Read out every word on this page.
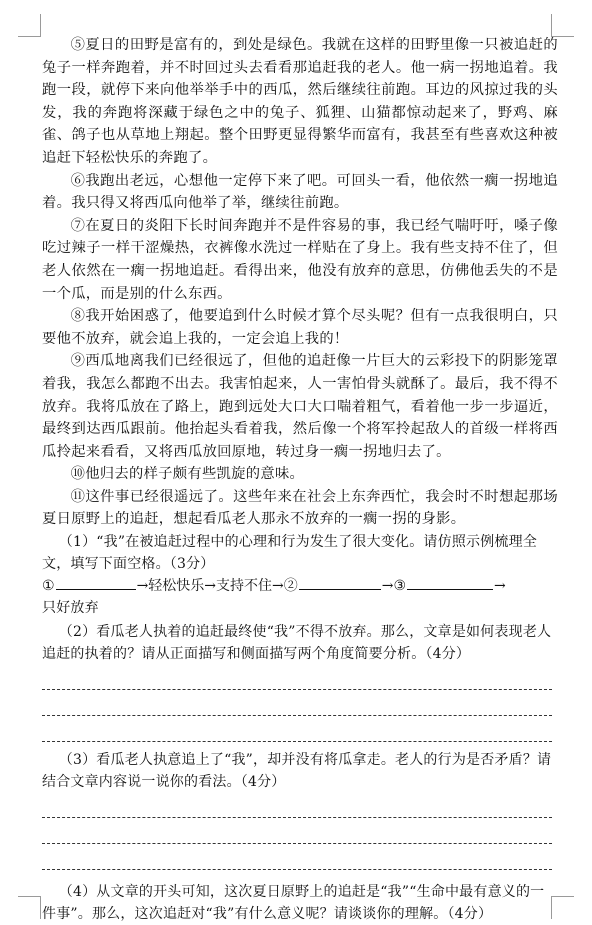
⑤夏日的田野是富有的，到处是绿色。我就在这样的田野里像一只被追赶的兔子一样奔跑着，并不时回过头去看看那追赶我的老人。他一病一拐地追着。我跑一段，就停下来向他举举手中的西瓜，然后继续往前跑。耳边的风掠过我的头发，我的奔跑将深藏于绿色之中的兔子、狐狸、山猫都惊动起来了，野鸡、麻雀、鸽子也从草地上翔起。整个田野更显得繁华而富有，我甚至有些喜欢这种被追赶下轻松快乐的奔跑了。

⑥我跑出老远，心想他一定停下来了吧。可回头一看，他依然一瘸一拐地追着。我只得又将西瓜向他举了举，继续往前跑。

⑦在夏日的炎阳下长时间奔跑并不是件容易的事，我已经气喘吁吁，嗓子像吃过辣子一样干涩燥热，衣裤像水洗过一样贴在了身上。我有些支持不住了，但老人依然在一瘸一拐地追赶。看得出来，他没有放弃的意思，仿佛他丢失的不是一个瓜，而是别的什么东西。

⑧我开始困惑了，他要追到什么时候才算个尽头呢？但有一点我很明白，只要他不放弃，就会追上我的，一定会追上我的！

⑨西瓜地离我们已经很远了，但他的追赶像一片巨大的云彩投下的阴影笼罩着我，我怎么都跑不出去。我害怕起来，人一害怕骨头就酥了。最后，我不得不放弃。我将瓜放在了路上，跑到远处大口大口喘着粗气，看着他一步一步逼近，最终到达西瓜跟前。他抬起头看着我，然后像一个将军拎起敌人的首级一样将西瓜拎起来看看，又将西瓜放回原地，转过身一瘸一拐地归去了。

⑩他归去的样子颇有些凯旋的意味。

⑪这件事已经很遥远了。这些年来在社会上东奔西忙，我会时不时想起那场夏日原野上的追赶，想起看瓜老人那永不放弃的一瘸一拐的身影。

（1）“我”在被追赶过程中的心理和行为发生了很大变化。请仿照示例梳理全文，填写下面空格。（3分）

①	→轻松快乐→支持不住→②	→③	→

只好放弃

（2）看瓜老人执着的追赶最终使“我”不得不放弃。那么，文章是如何表现老人追赶的执着的？请从正面描写和侧面描写两个角度简要分析。（4分）

（3）看瓜老人执意追上了“我”，却并没有将瓜拿走。老人的行为是否矛盾？请结合文章内容说一说你的看法。（4分）

（4）从文章的开头可知，这次夏日原野上的追赶是“我”“生命中最有意义的一件事”。那么，这次追赶对“我”有什么意义呢？请谈谈你的理解。（4分）
